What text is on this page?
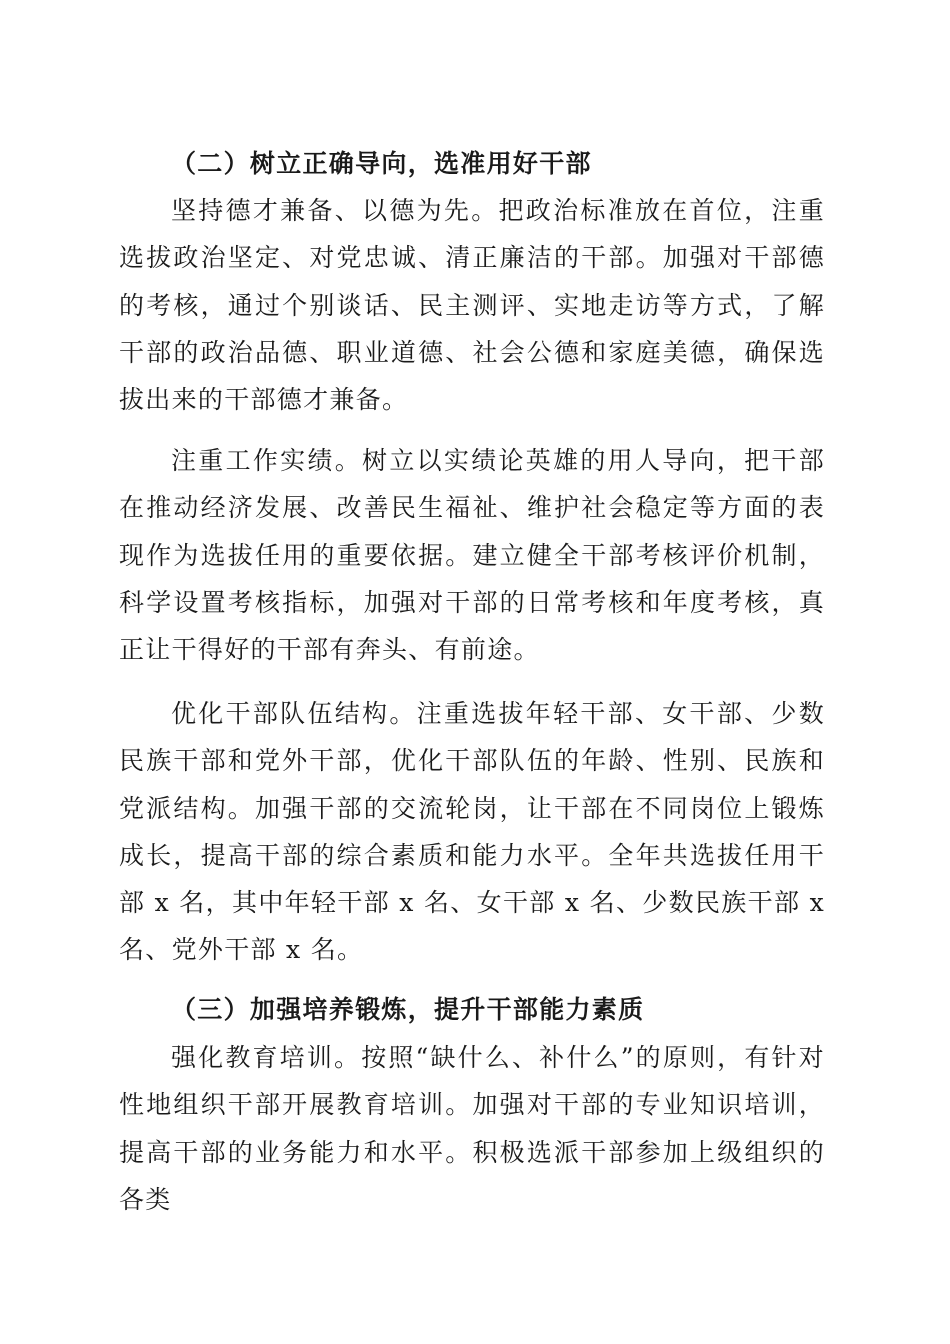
（二）树立正确导向，选准用好干部

坚持德才兼备、以德为先。把政治标准放在首位，注重选拔政治坚定、对党忠诚、清正廉洁的干部。加强对干部德的考核，通过个别谈话、民主测评、实地走访等方式，了解干部的政治品德、职业道德、社会公德和家庭美德，确保选拔出来的干部德才兼备。

注重工作实绩。树立以实绩论英雄的用人导向，把干部在推动经济发展、改善民生福祉、维护社会稳定等方面的表现作为选拔任用的重要依据。建立健全干部考核评价机制，科学设置考核指标，加强对干部的日常考核和年度考核，真正让干得好的干部有奔头、有前途。

优化干部队伍结构。注重选拔年轻干部、女干部、少数民族干部和党外干部，优化干部队伍的年龄、性别、民族和党派结构。加强干部的交流轮岗，让干部在不同岗位上锻炼成长，提高干部的综合素质和能力水平。全年共选拔任用干部 x 名，其中年轻干部 x 名、女干部 x 名、少数民族干部 x 名、党外干部 x 名。

（三）加强培养锻炼，提升干部能力素质

强化教育培训。按照“缺什么、补什么”的原则，有针对性地组织干部开展教育培训。加强对干部的专业知识培训，提高干部的业务能力和水平。积极选派干部参加上级组织的各类
